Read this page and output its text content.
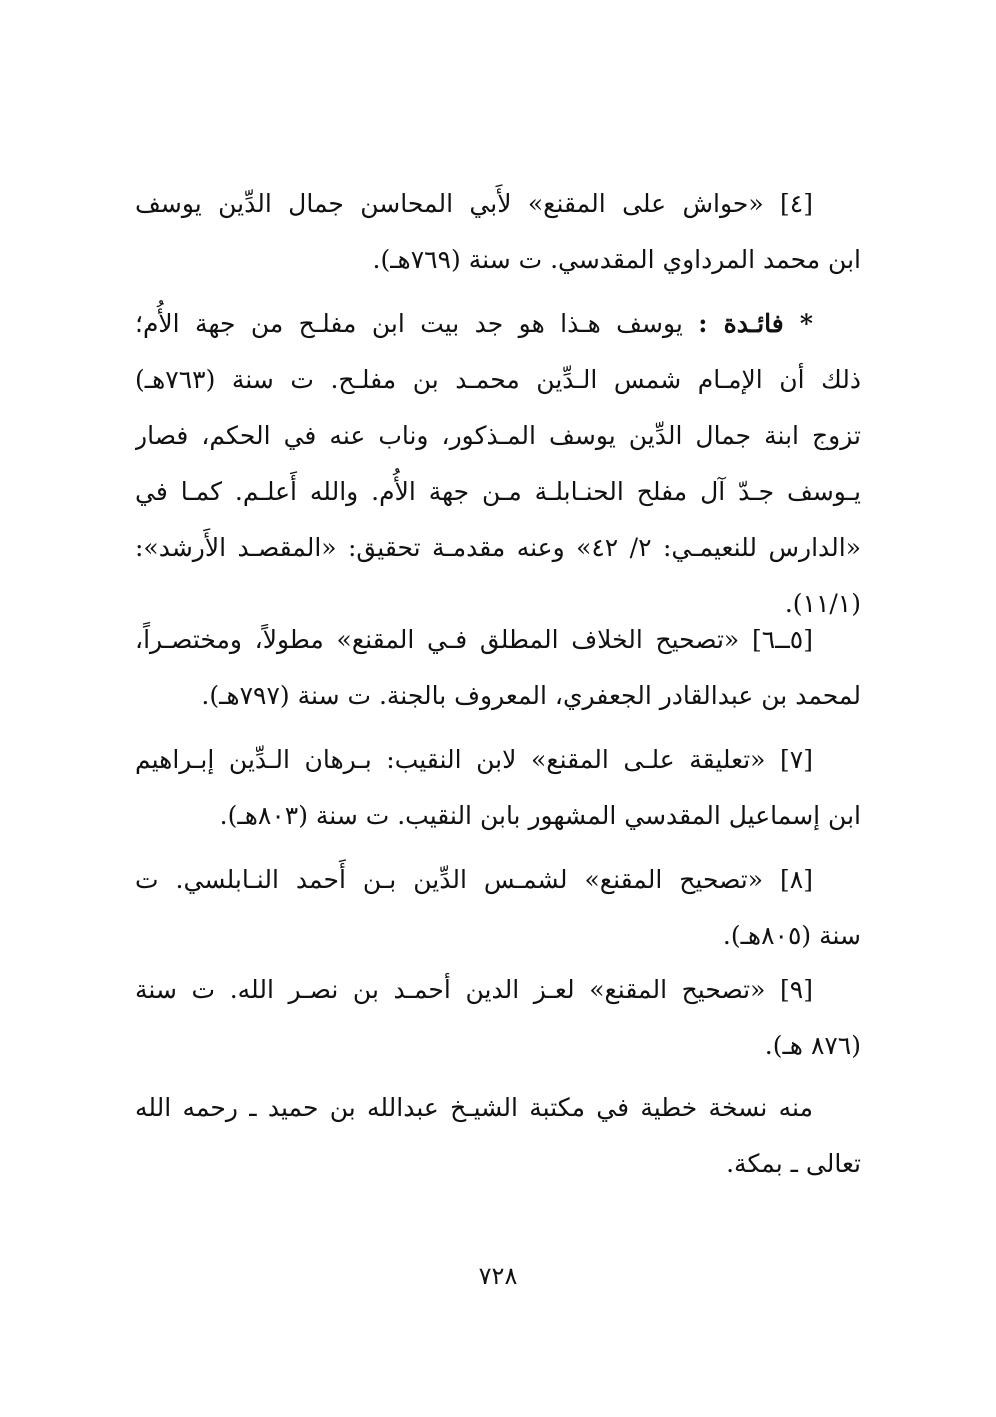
[٤] «حواش على المقنع» لأَبي المحاسن جمال الدِّين يوسف
ابن محمد المرداوي المقدسي. ت سنة (٧٦٩هـ).
* فائـدة : يوسف هـذا هو جد بيت ابن مفلـح من جهة الأُم؛
ذلك أن الإمـام شمس الـدِّين محمـد بن مفلـح. ت سنة (٧٦٣هـ)
تزوج ابنة جمال الدِّين يوسف المـذكور، وناب عنه في الحكم، فصار
يـوسف جـدّ آل مفلح الحنـابلـة مـن جهة الأُم. والله أَعلـم. كمـا في
«الدارس للنعيمـي: ٢/ ٤٢» وعنه مقدمـة تحقيق: «المقصـد الأَرشد»:
(١١/١).
[٥ــ٦] «تصحيح الخلاف المطلق فـي المقنع» مطولاً، ومختصـراً،
لمحمد بن عبدالقادر الجعفري، المعروف بالجنة. ت سنة (٧٩٧هـ).
[٧] «تعليقة علـى المقنع» لابن النقيب: بـرهان الـدِّين إبـراهيم
ابن إسماعيل المقدسي المشهور بابن النقيب. ت سنة (٨٠٣هـ).
[٨] «تصحيح المقنع» لشمـس الدِّين بـن أَحمد النـابلسي. ت
سنة (٨٠٥هـ).
[٩] «تصحيح المقنع» لعـز الدين أحمـد بن نصـر الله. ت سنة
(٨٧٦ هـ).
منه نسخة خطية في مكتبة الشيـخ عبدالله بن حميد ـ رحمه الله
تعالى ـ بمكة.
٧٢٨
